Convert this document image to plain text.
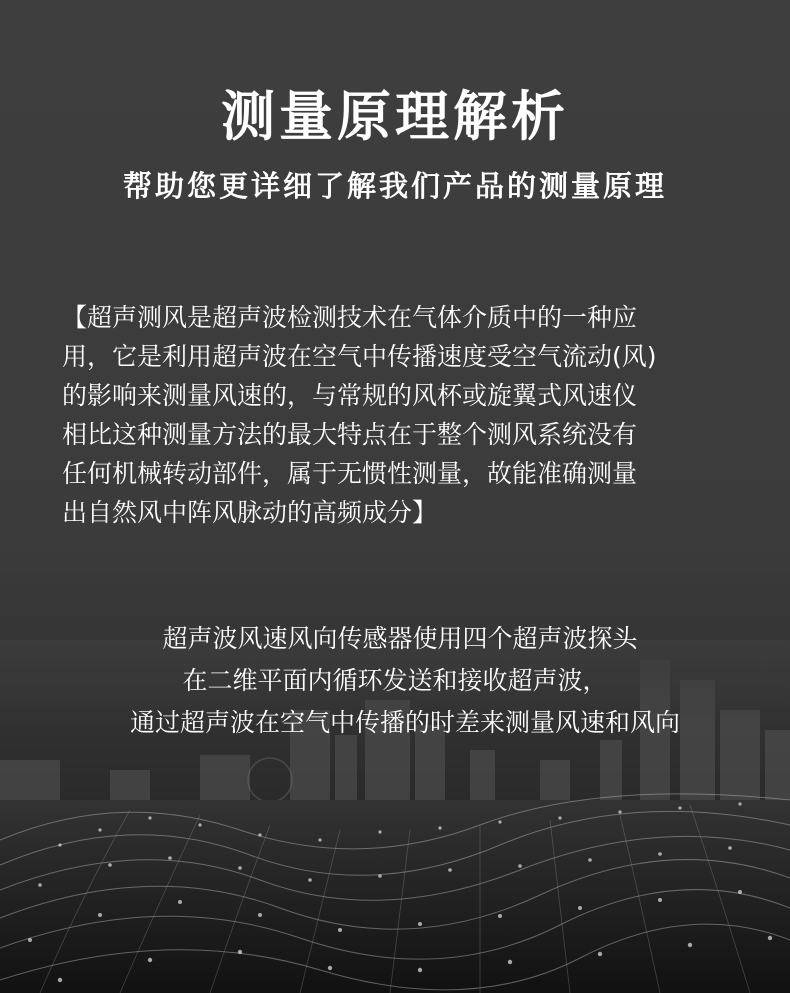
测量原理解析
帮助您更详细了解我们产品的测量原理

【超声测风是超声波检测技术在气体介质中的一种应
用，它是利用超声波在空气中传播速度受空气流动(风)
的影响来测量风速的，与常规的风杯或旋翼式风速仪
相比这种测量方法的最大特点在于整个测风系统没有
任何机械转动部件，属于无惯性测量，故能准确测量
出自然风中阵风脉动的高频成分】

超声波风速风向传感器使用四个超声波探头
在二维平面内循环发送和接收超声波，
通过超声波在空气中传播的时差来测量风速和风向
